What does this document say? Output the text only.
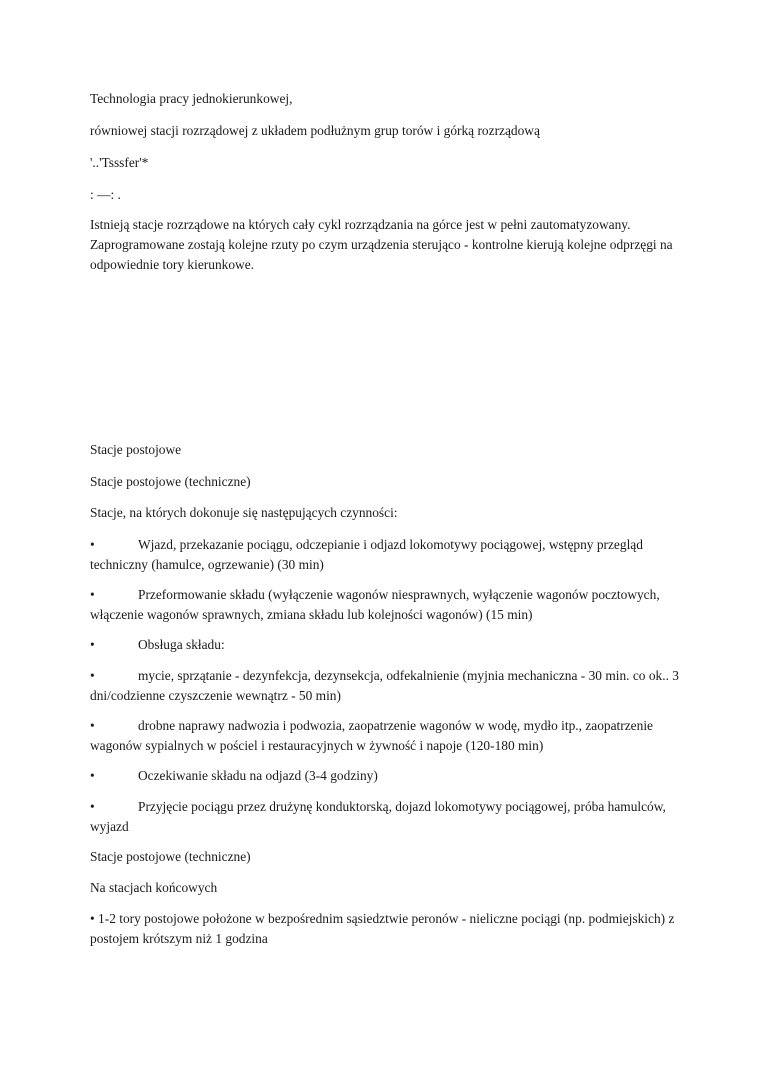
Technologia pracy jednokierunkowej,

równiowej stacji rozrządowej z układem podłużnym grup torów i górką rozrządową

'..'Tsssfer'*

: —: .

Istnieją stacje rozrządowe na których cały cykl rozrządzania na górce jest w pełni zautomatyzowany. Zaprogramowane zostają kolejne rzuty po czym urządzenia sterująco - kontrolne kierują kolejne odprzęgi na odpowiednie tory kierunkowe.

Stacje postojowe

Stacje postojowe (techniczne)

Stacje, na których dokonuje się następujących czynności:

•	Wjazd, przekazanie pociągu, odczepianie i odjazd lokomotywy pociągowej, wstępny przegląd techniczny (hamulce, ogrzewanie) (30 min)

•	Przeformowanie składu (wyłączenie wagonów niesprawnych, wyłączenie wagonów pocztowych, włączenie wagonów sprawnych, zmiana składu lub kolejności wagonów) (15 min)

•	Obsługa składu:

•	mycie, sprzątanie - dezynfekcja, dezynsekcja, odfekalnienie (myjnia mechaniczna - 30 min. co ok.. 3 dni/codzienne czyszczenie wewnątrz - 50 min)

•	drobne naprawy nadwozia i podwozia, zaopatrzenie wagonów w wodę, mydło itp., zaopatrzenie wagonów sypialnych w pościel i restauracyjnych w żywność i napoje (120-180 min)

•	Oczekiwanie składu na odjazd (3-4 godziny)

•	Przyjęcie pociągu przez drużynę konduktorską, dojazd lokomotywy pociągowej, próba hamulców, wyjazd

Stacje postojowe (techniczne)

Na stacjach końcowych

• 1-2 tory postojowe położone w bezpośrednim sąsiedztwie peronów - nieliczne pociągi (np. podmiejskich) z postojem krótszym niż 1 godzina
